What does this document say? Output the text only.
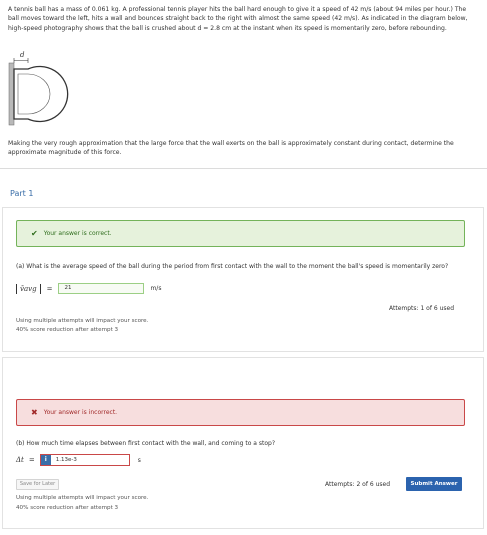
A tennis ball has a mass of 0.061 kg. A professional tennis player hits the ball hard enough to give it a speed of 42 m/s (about 94 miles per hour.) The ball moves toward the left, hits a wall and bounces straight back to the right with almost the same speed (42 m/s). As indicated in the diagram below, high-speed photography shows that the ball is crushed about d = 2.8 cm at the instant when its speed is momentarily zero, before rebounding.
d
Making the very rough approximation that the large force that the wall exerts on the ball is approximately constant during contact, determine the approximate magnitude of this force.
Part 1
✔ Your answer is correct.
(a) What is the average speed of the ball during the period from first contact with the wall to the moment the ball's speed is momentarily zero?
v̄avg	=	21	m/s
Attempts: 1 of 6 used
Using multiple attempts will impact your score.
40% score reduction after attempt 3
✖ Your answer is incorrect.
(b) How much time elapses between first contact with the wall, and coming to a stop?
Δt =	i	1.13e-3	s
Save for Later	Attempts: 2 of 6 used	Submit Answer
Using multiple attempts will impact your score.
40% score reduction after attempt 3
